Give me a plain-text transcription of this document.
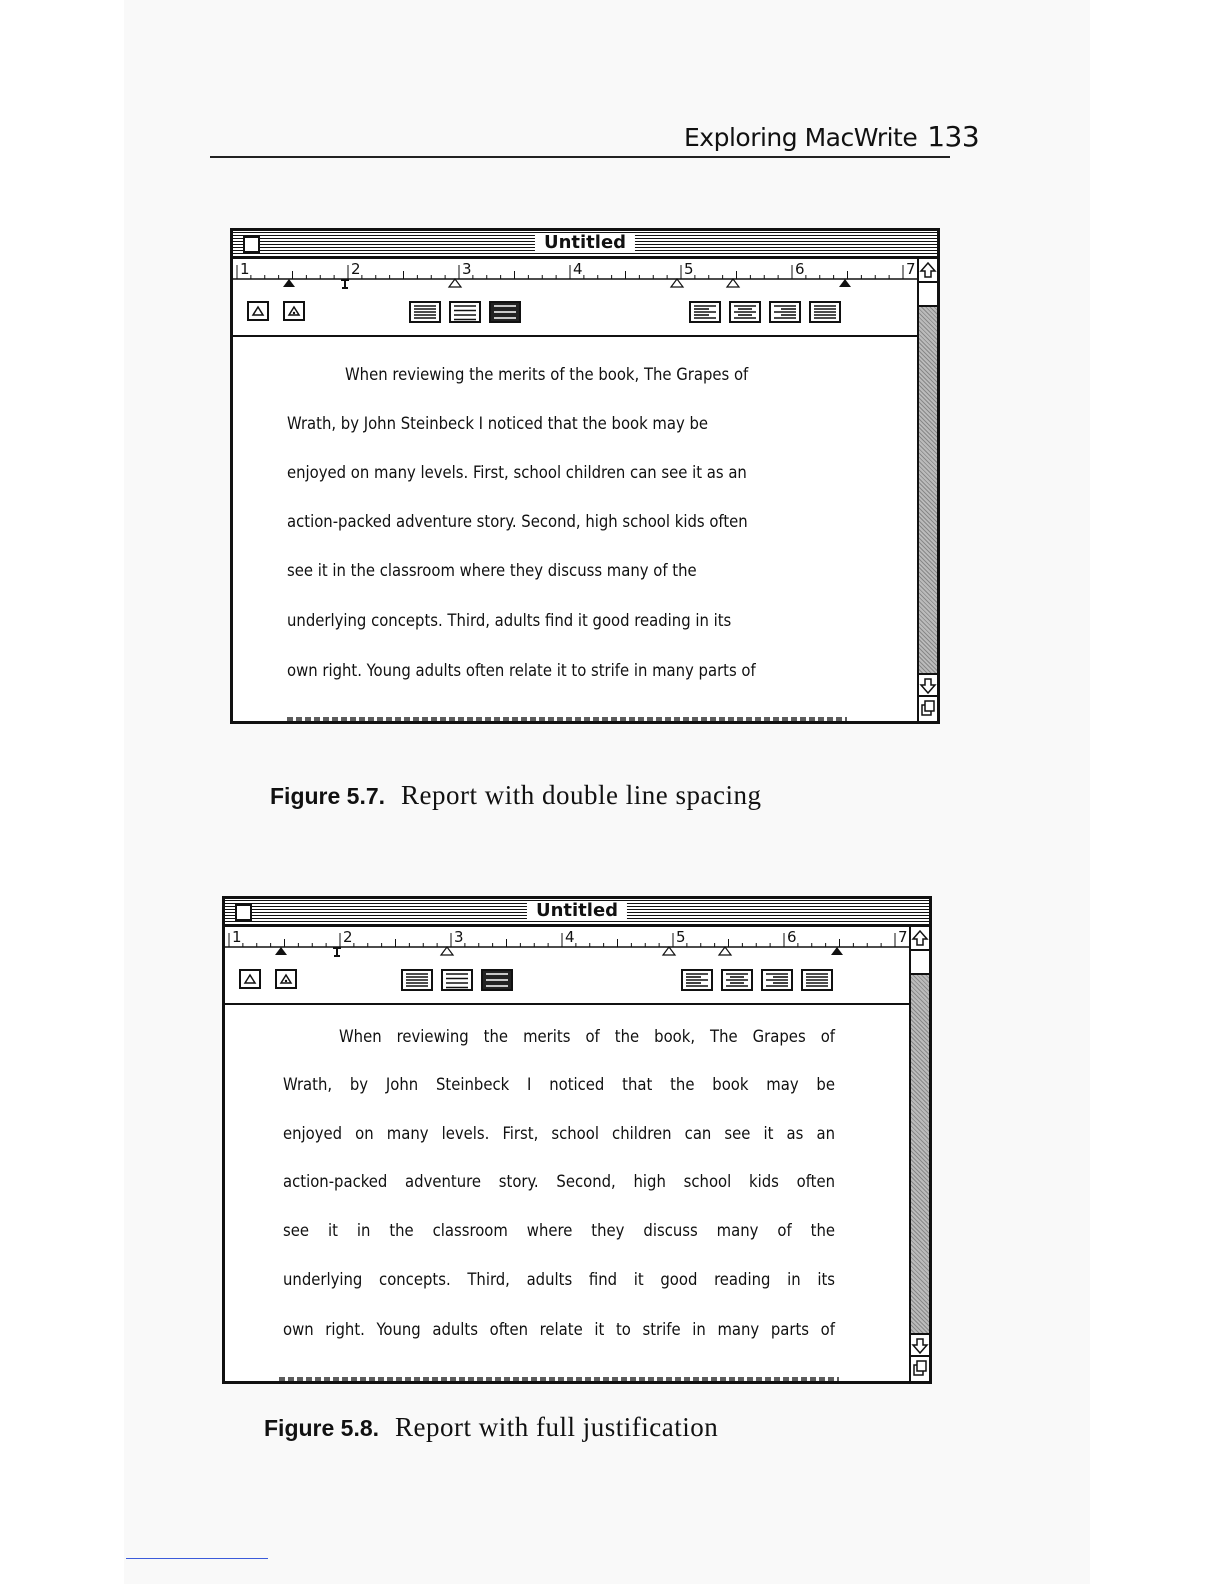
Exploring MacWrite 133
Untitled
1	2	3	4	5	6	7
When reviewing the merits of the book, The Grapes of
Wrath, by John Steinbeck I noticed that the book may be
enjoyed on many levels. First, school children can see it as an
action-packed adventure story. Second, high school kids often
see it in the classroom where they discuss many of the
underlying concepts. Third, adults find it good reading in its
own right. Young adults often relate it to strife in many parts of
Figure 5.7. Report with double line spacing
Untitled
1	2	3	4	5	6	7
When reviewing the merits of the book, The Grapes of
Wrath, by John Steinbeck I noticed that the book may be
enjoyed on many levels. First, school children can see it as an
action-packed adventure story. Second, high school kids often
see it in the classroom where they discuss many of the
underlying concepts. Third, adults find it good reading in its
own right. Young adults often relate it to strife in many parts of
Figure 5.8. Report with full justification
